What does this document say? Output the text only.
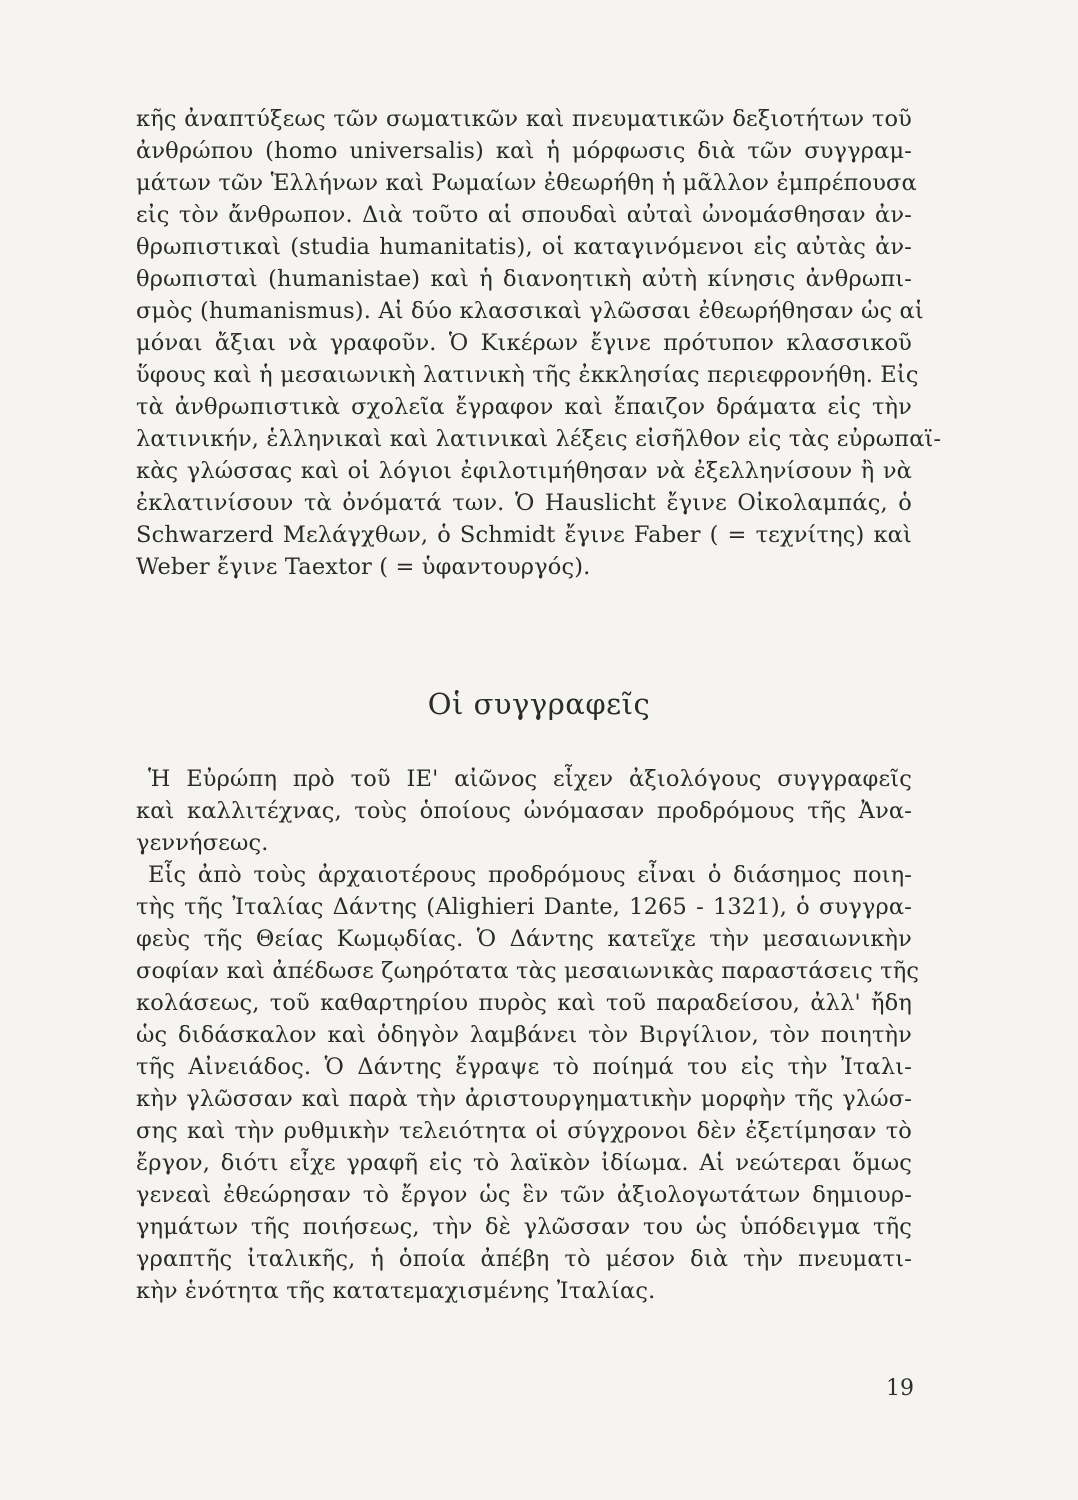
κῆς ἀναπτύξεως τῶν σωματικῶν καὶ πνευματικῶν δεξιοτήτων τοῦ
ἀνθρώπου (homo universalis) καὶ ἡ μόρφωσις διὰ τῶν συγγραμ-
μάτων τῶν Ἑλλήνων καὶ Ρωμαίων ἐθεωρήθη ἡ μᾶλλον ἐμπρέπουσα
εἰς τὸν ἄνθρωπον. Διὰ τοῦτο αἱ σπουδαὶ αὐταὶ ὠνομάσθησαν ἀν-
θρωπιστικαὶ (studia humanitatis), οἱ καταγινόμενοι εἰς αὐτὰς ἀν-
θρωπισταὶ (humanistae) καὶ ἡ διανοητικὴ αὐτὴ κίνησις ἀνθρωπι-
σμὸς (humanismus). Αἱ δύο κλασσικαὶ γλῶσσαι ἐθεωρήθησαν ὡς αἱ
μόναι ἄξιαι νὰ γραφοῦν. Ὁ Κικέρων ἔγινε πρότυπον κλασσικοῦ
ὕφους καὶ ἡ μεσαιωνικὴ λατινικὴ τῆς ἐκκλησίας περιεφρονήθη. Εἰς
τὰ ἀνθρωπιστικὰ σχολεῖα ἔγραφον καὶ ἔπαιζον δράματα εἰς τὴν
λατινικήν, ἑλληνικαὶ καὶ λατινικαὶ λέξεις εἰσῆλθον εἰς τὰς εὐρωπαϊ-
κὰς γλώσσας καὶ οἱ λόγιοι ἐφιλοτιμήθησαν νὰ ἐξελληνίσουν ἢ νὰ
ἐκλατινίσουν τὰ ὀνόματά των. Ὁ Hauslicht ἔγινε Οἰκολαμπάς, ὁ
Schwarzerd Μελάγχθων, ὁ Schmidt ἔγινε Faber ( = τεχνίτης) καὶ
Weber ἔγινε Taextor ( = ὑφαντουργός).
Οἱ συγγραφεῖς
Ἡ Εὐρώπη πρὸ τοῦ ΙΕ' αἰῶνος εἶχεν ἀξιολόγους συγγραφεῖς
καὶ καλλιτέχνας, τοὺς ὁποίους ὠνόμασαν προδρόμους τῆς Ἀνα-
γεννήσεως.
Εἷς ἀπὸ τοὺς ἀρχαιοτέρους προδρόμους εἶναι ὁ διάσημος ποιη-
τὴς τῆς Ἰταλίας Δάντης (Alighieri Dante, 1265 - 1321), ὁ συγγρα-
φεὺς τῆς Θείας Κωμῳδίας. Ὁ Δάντης κατεῖχε τὴν μεσαιωνικὴν
σοφίαν καὶ ἀπέδωσε ζωηρότατα τὰς μεσαιωνικὰς παραστάσεις τῆς
κολάσεως, τοῦ καθαρτηρίου πυρὸς καὶ τοῦ παραδείσου, ἀλλ' ἤδη
ὡς διδάσκαλον καὶ ὁδηγὸν λαμβάνει τὸν Βιργίλιον, τὸν ποιητὴν
τῆς Αἰνειάδος. Ὁ Δάντης ἔγραψε τὸ ποίημά του εἰς τὴν Ἰταλι-
κὴν γλῶσσαν καὶ παρὰ τὴν ἀριστουργηματικὴν μορφὴν τῆς γλώσ-
σης καὶ τὴν ρυθμικὴν τελειότητα οἱ σύγχρονοι δὲν ἐξετίμησαν τὸ
ἔργον, διότι εἶχε γραφῆ εἰς τὸ λαϊκὸν ἰδίωμα. Αἱ νεώτεραι ὅμως
γενεαὶ ἐθεώρησαν τὸ ἔργον ὡς ἓν τῶν ἀξιολογωτάτων δημιουρ-
γημάτων τῆς ποιήσεως, τὴν δὲ γλῶσσαν του ὡς ὑπόδειγμα τῆς
γραπτῆς ἰταλικῆς, ἡ ὁποία ἀπέβη τὸ μέσον διὰ τὴν πνευματι-
κὴν ἑνότητα τῆς κατατεμαχισμένης Ἰταλίας.
19
